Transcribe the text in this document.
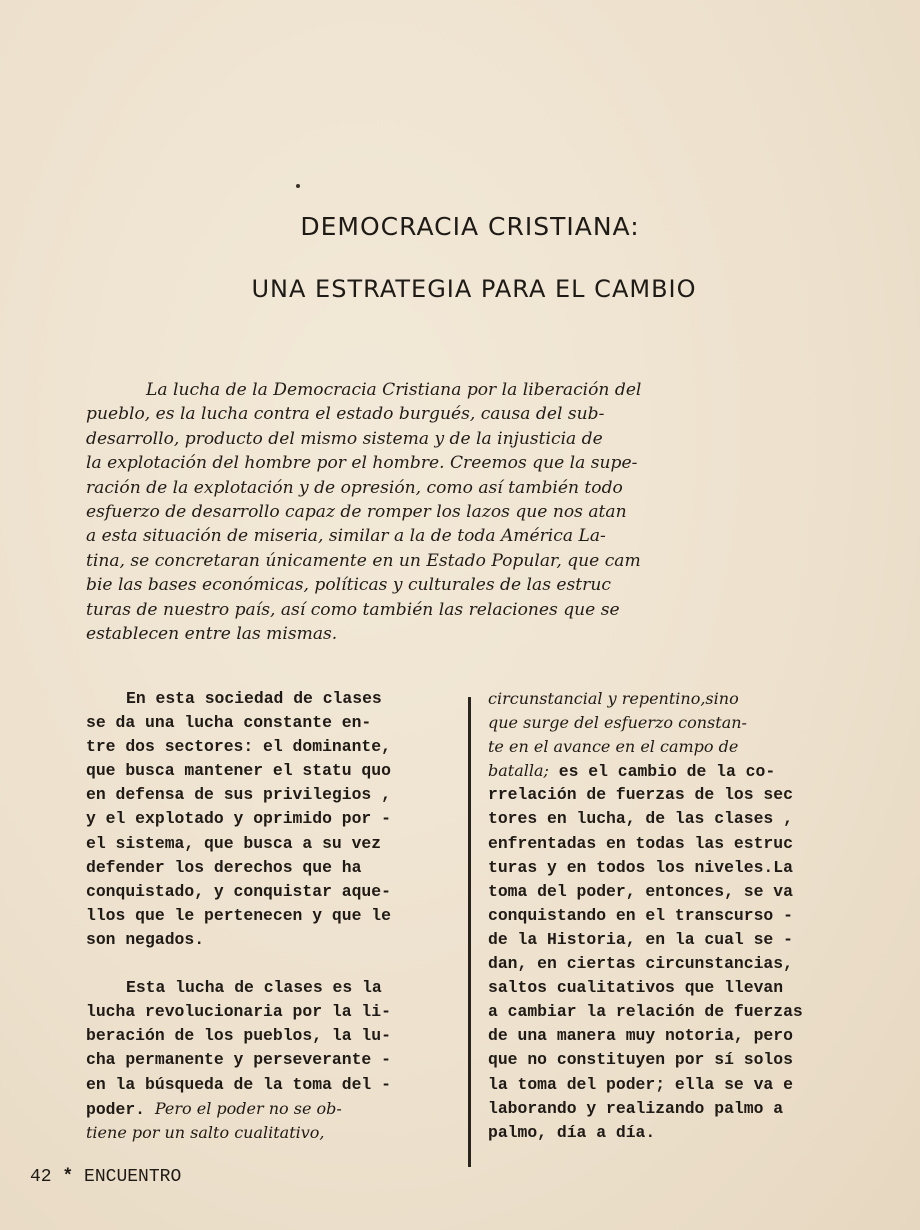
DEMOCRACIA CRISTIANA:
UNA ESTRATEGIA PARA EL CAMBIO
La lucha de la Democracia Cristiana por la liberación del
pueblo, es la lucha contra el estado burgués, causa del sub-
desarrollo, producto del mismo sistema y de la injusticia de
la explotación del hombre por el hombre. Creemos que la supe-
ración de la explotación y de opresión, como así también todo
esfuerzo de desarrollo capaz de romper los lazos que nos atan
a esta situación de miseria, similar a la de toda América La-
tina, se concretaran únicamente en un Estado Popular, que cam
bie las bases económicas, políticas y culturales de las estruc
turas de nuestro país, así como también las relaciones que se
establecen entre las mismas.
En esta sociedad de clases
se da una lucha constante en-
tre dos sectores: el dominante,
que busca mantener el statu quo
en defensa de sus privilegios ,
y el explotado y oprimido por -
el sistema, que busca a su vez
defender los derechos que ha
conquistado, y conquistar aque-
llos que le pertenecen y que le
son negados.
Esta lucha de clases es la
lucha revolucionaria por la li-
beración de los pueblos, la lu-
cha permanente y perseverante -
en la búsqueda de la toma del -
poder. Pero el poder no se ob-
tiene por un salto cualitativo,
circunstancial y repentino,sino
que surge del esfuerzo constan-
te en el avance en el campo de
batalla; es el cambio de la co-
rrelación de fuerzas de los sec
tores en lucha, de las clases ,
enfrentadas en todas las estruc
turas y en todos los niveles.La
toma del poder, entonces, se va
conquistando en el transcurso -
de la Historia, en la cual se -
dan, en ciertas circunstancias,
saltos cualitativos que llevan
a cambiar la relación de fuerzas
de una manera muy notoria, pero
que no constituyen por sí solos
la toma del poder; ella se va e
laborando y realizando palmo a
palmo, día a día.
42 * ENCUENTRO
